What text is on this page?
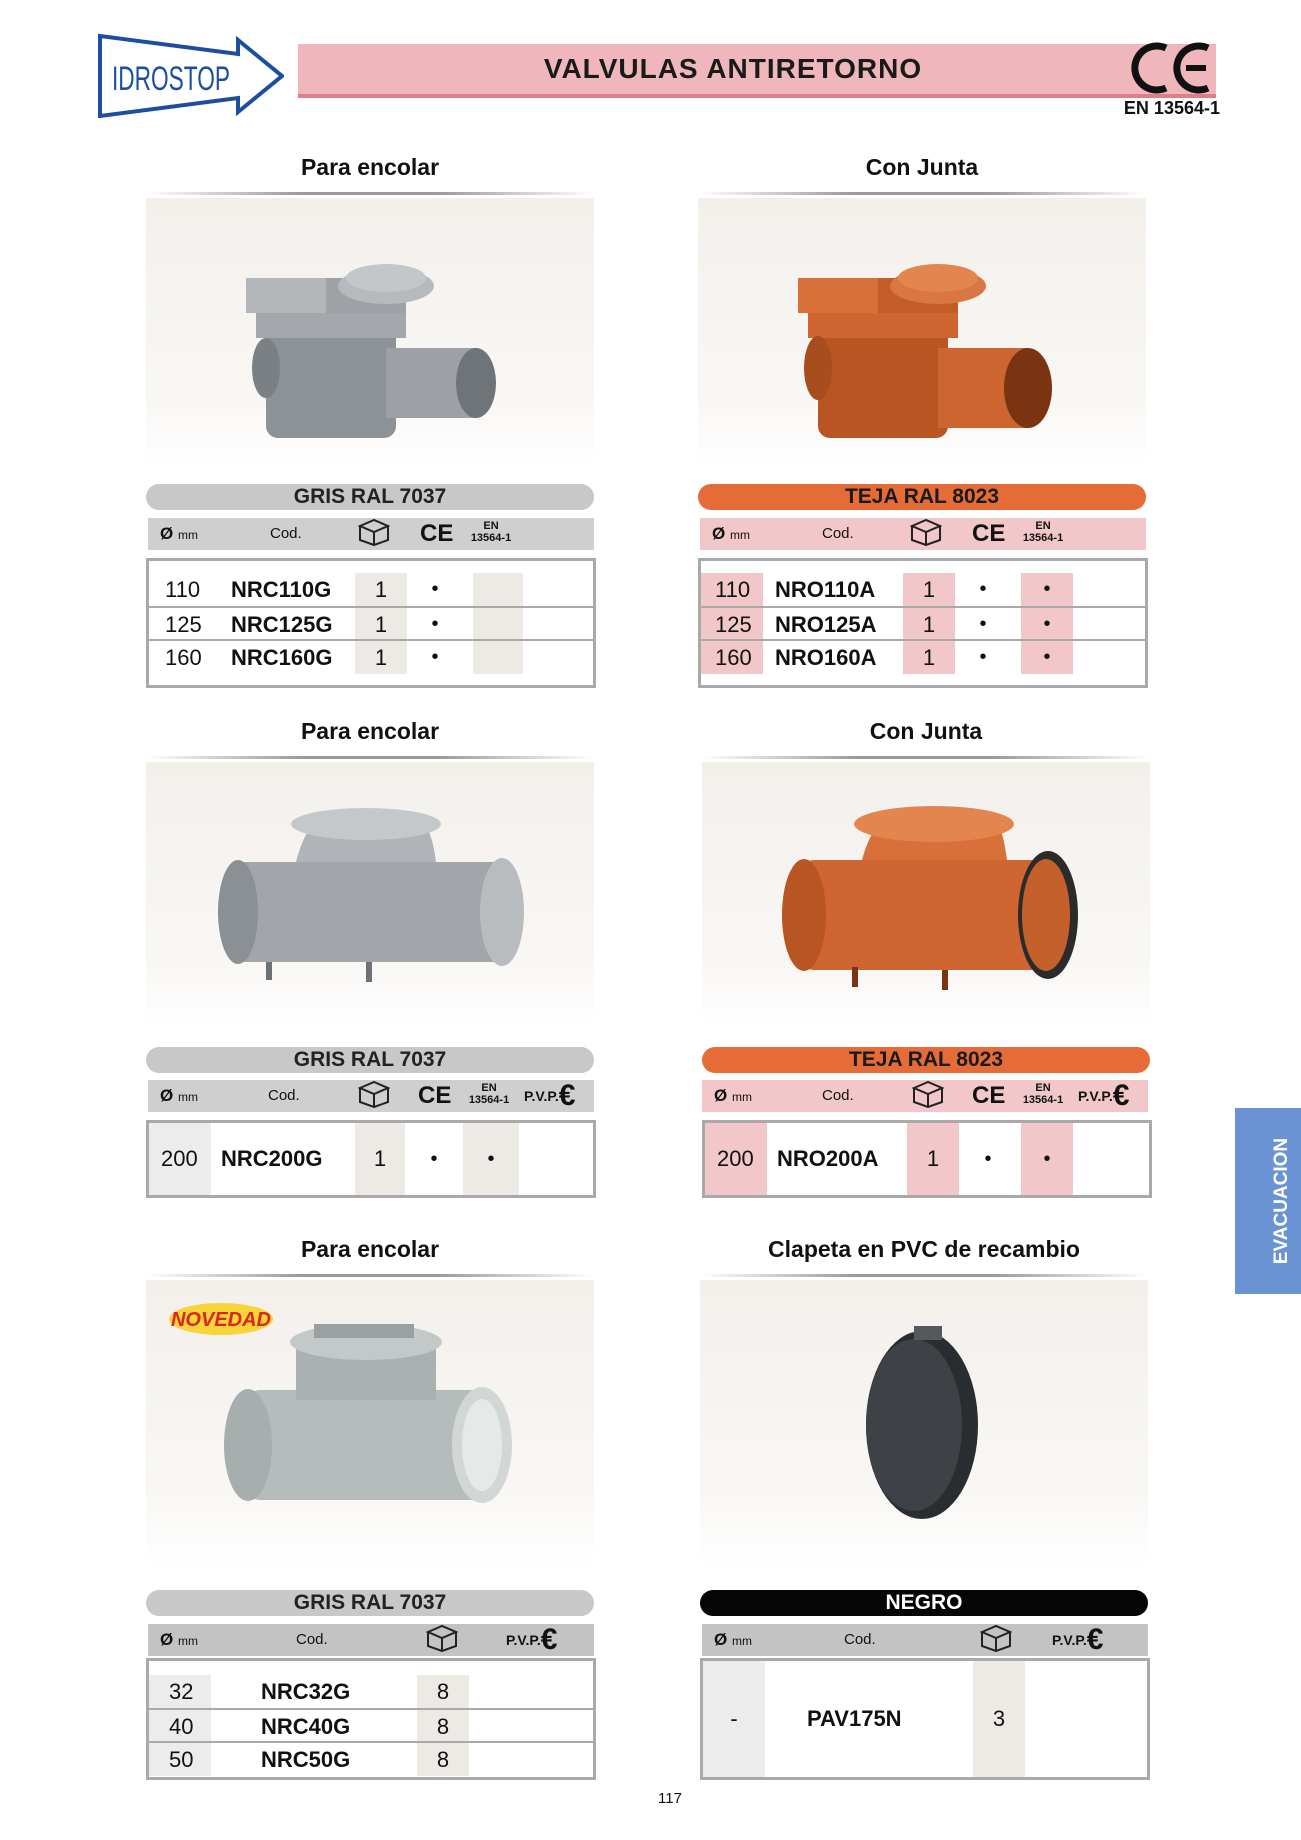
IDROSTOP	VALVULAS ANTIRETORNO
EN 13564-1
EVACUACION
Para encolar
GRIS RAL 7037
Ø mm	Cod.	CE	EN
13564-1
110 NRC110G	1	•
125 NRC125G	1	•
160 NRC160G	1	•
Con Junta
TEJA RAL 8023
Ø mm	Cod.	CE	EN
13564-1
110	NRO110A	1	•	•
125	NRO125A	1	•	•
160	NRO160A	1	•	•
Para encolar
GRIS RAL 7037
Ø mm	Cod.	CE	EN
13564-1	P.V.P.€
200	NRC200G	1	•	•
Con Junta
TEJA RAL 8023
Ø mm	Cod.	CE	EN
13564-1	P.V.P.€
200	NRO200A	1	•	•
Para encolar
NOVEDAD
GRIS RAL 7037
Ø mm	Cod.	P.V.P.€
32	NRC32G	8
40	NRC40G	8
50	NRC50G	8
Clapeta en PVC de recambio
NEGRO
Ø mm	Cod.	P.V.P.€
-	PAV175N	3
117
